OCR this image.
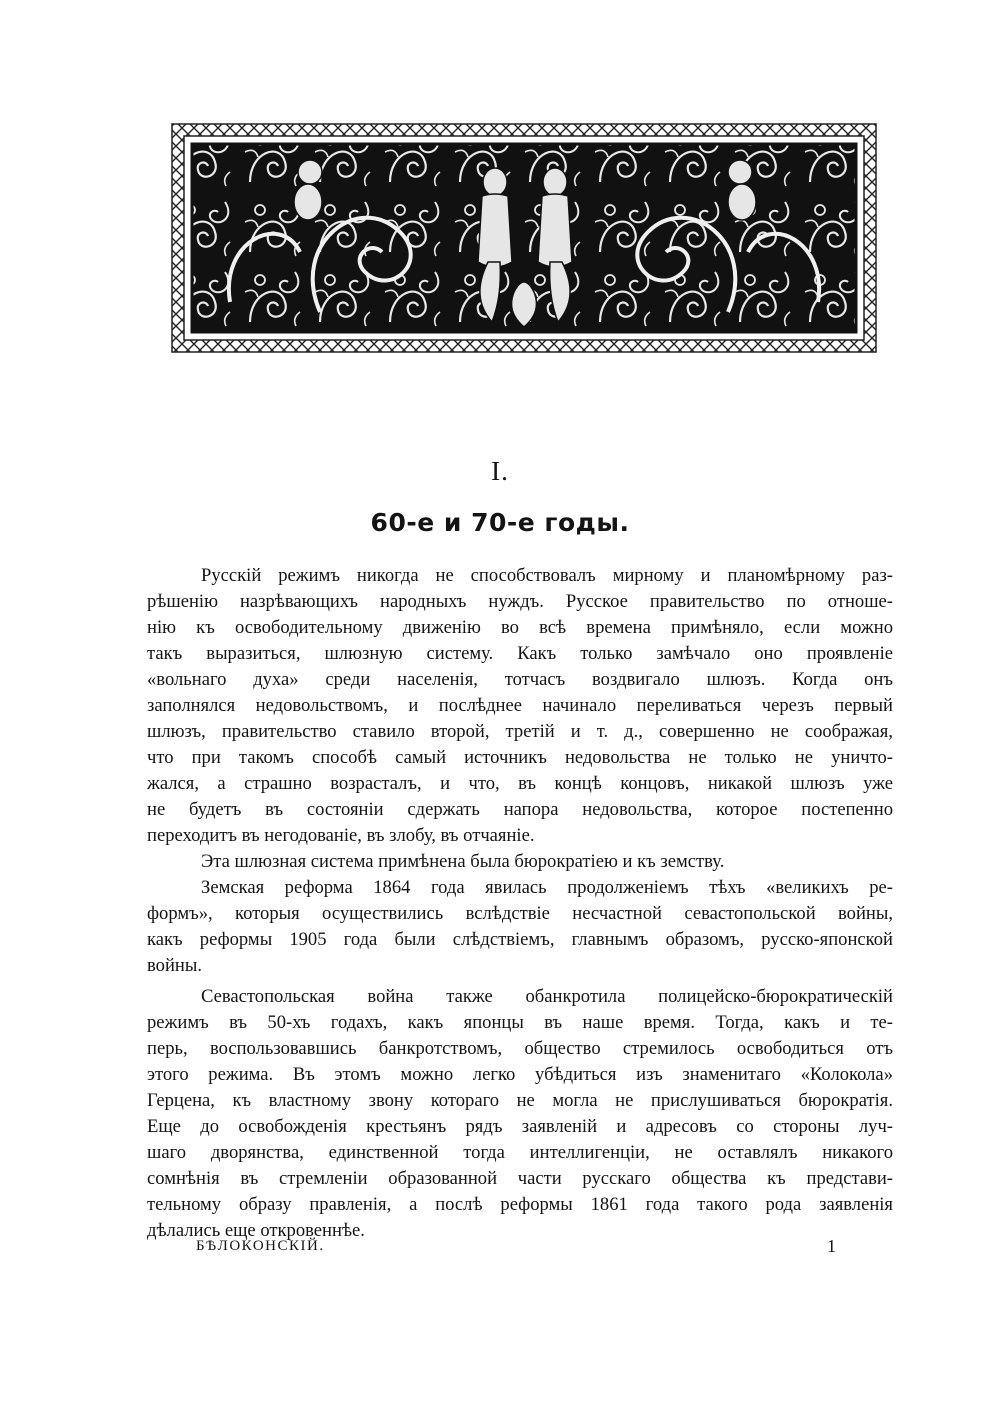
I.
60-е и 70-е годы.
Русскій режимъ никогда не способствовалъ мирному и планомѣрному раз-
рѣшенію назрѣвающихъ народныхъ нуждъ. Русское правительство по отноше-
нію къ освободительному движенію во всѣ времена примѣняло, если можно
такъ выразиться, шлюзную систему. Какъ только замѣчало оно проявленіе
«вольнаго духа» среди населенія, тотчасъ воздвигало шлюзъ. Когда онъ
заполнялся недовольствомъ, и послѣднее начинало переливаться черезъ первый
шлюзъ, правительство ставило второй, третій и т. д., совершенно не соображая,
что при такомъ способѣ самый источникъ недовольства не только не уничто-
жался, а страшно возрасталъ, и что, въ концѣ концовъ, никакой шлюзъ уже
не будетъ въ состояніи сдержать напора недовольства, которое постепенно
переходитъ въ негодованіе, въ злобу, въ отчаяніе.
Эта шлюзная система примѣнена была бюрократіею и къ земству.
Земская реформа 1864 года явилась продолженіемъ тѣхъ «великихъ ре-
формъ», которыя осуществились вслѣдствіе несчастной севастопольской войны,
какъ реформы 1905 года были слѣдствіемъ, главнымъ образомъ, русско-японской
войны.
Севастопольская война также обанкротила полицейско-бюрократическій
режимъ въ 50-хъ годахъ, какъ японцы въ наше время. Тогда, какъ и те-
перь, воспользовавшись банкротствомъ, общество стремилось освободиться отъ
этого режима. Въ этомъ можно легко убѣдиться изъ знаменитаго «Колокола»
Герцена, къ властному звону котораго не могла не прислушиваться бюрократія.
Еще до освобожденія крестьянъ рядъ заявленій и адресовъ со стороны луч-
шаго дворянства, единственной тогда интеллигенціи, не оставлялъ никакого
сомнѣнія въ стремленіи образованной части русскаго общества къ представи-
тельному образу правленія, а послѣ реформы 1861 года такого рода заявленія
дѣлались еще откровеннѣе.
БѢЛОКОНСКІЙ.	1
